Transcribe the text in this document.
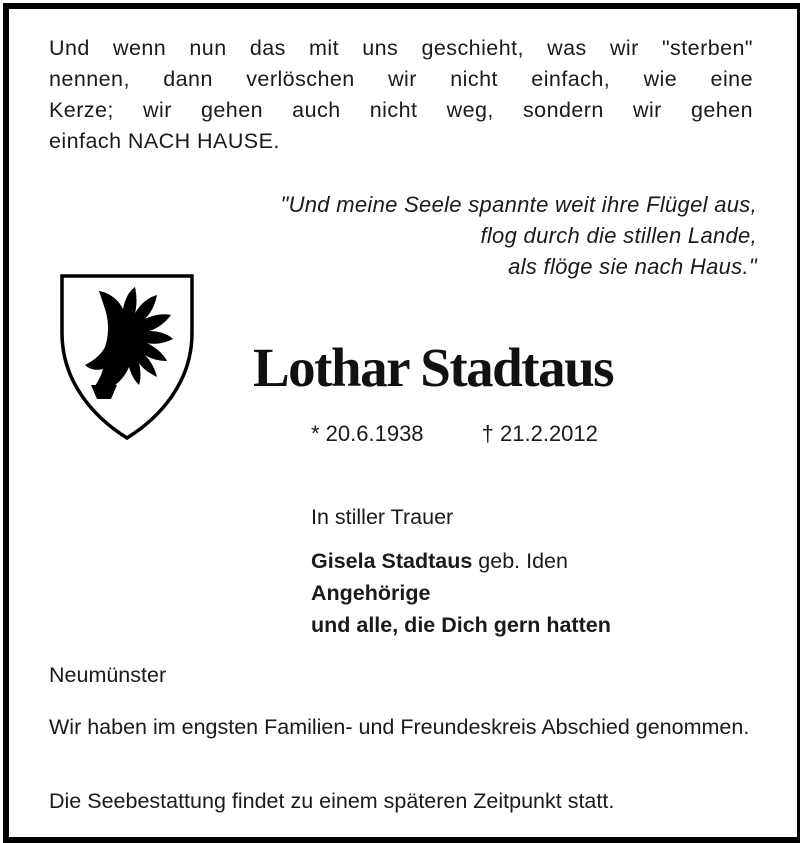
Und wenn nun das mit uns geschieht, was wir "sterben"
nennen, dann verlöschen wir nicht einfach, wie eine
Kerze; wir gehen auch nicht weg, sondern wir gehen
einfach NACH HAUSE.
"Und meine Seele spannte weit ihre Flügel aus,
flog durch die stillen Lande,
als flöge sie nach Haus."
Lothar Stadtaus
* 20.6.1938	† 21.2.2012
In stiller Trauer
Gisela Stadtaus geb. Iden
Angehörige
und alle, die Dich gern hatten
Neumünster
Wir haben im engsten Familien- und Freundeskreis Abschied genommen.
Die Seebestattung findet zu einem späteren Zeitpunkt statt.
